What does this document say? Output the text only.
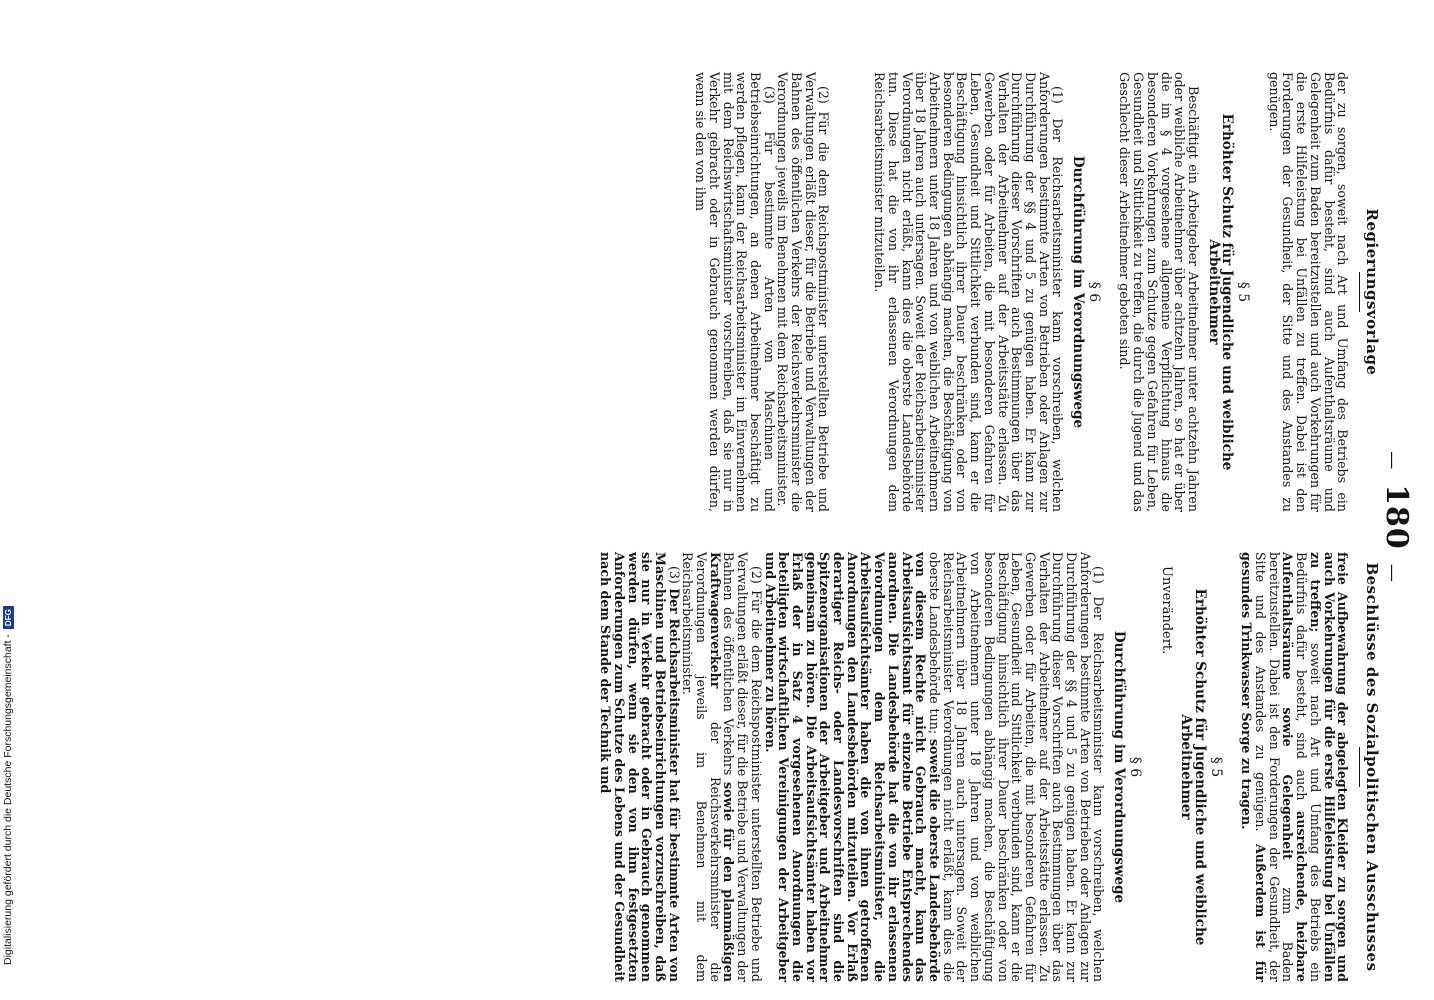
Digitalisierung gefördert durch die Deutsche Forschungsgemeinschaft -
DFG
—180—
Beschlüsse des Sozialpolitischen Ausschusses

freie Aufbewahrung der abgelegten Kleider zu sorgen und auch Vorkehrungen für die erste Hilfeleistung bei Unfällen zu treffen; soweit nach Art und Umfang des Betriebs ein Bedürfnis dafür besteht, sind auch ausreichende, heizbare Aufenthaltsräume sowie Gelegenheit zum Baden bereitzustellen. Dabei ist den Forderungen der Gesundheit, der Sitte und des Anstandes zu genügen. Außerdem ist für gesundes Trinkwasser Sorge zu tragen.

§ 5
Erhöhter Schutz für Jugendliche und weibliche Arbeitnehmer

Unverändert.

§ 6
Durchführung im Verordnungswege

(1) Der Reichsarbeitsminister kann vorschreiben, welchen Anforderungen bestimmte Arten von Betrieben oder Anlagen zur Durchführung der §§ 4 und 5 zu genügen haben. Er kann zur Durchführung dieser Vorschriften auch Bestimmungen über das Verhalten der Arbeitnehmer auf der Arbeitsstätte erlassen. Zu Gewerben oder für Arbeiten, die mit besonderen Gefahren für Leben, Gesundheit und Sittlichkeit verbunden sind, kann er die Beschäftigung hinsichtlich ihrer Dauer beschränken oder von besonderen Bedingungen abhängig machen, die Beschäftigung von Arbeitnehmern unter 18 Jahren und von weiblichen Arbeitnehmern über 18 Jahren auch untersagen. Soweit der Reichsarbeitsminister Verordnungen nicht erläßt, kann dies die oberste Landesbehörde tun; soweit die oberste Landesbehörde von diesem Rechte nicht Gebrauch macht, kann das Arbeitsaufsichtsamt für einzelne Betriebe Entsprechendes anordnen. Die Landesbehörde hat die von ihr erlassenen Verordnungen dem Reichsarbeitsminister, die Arbeitsaufsichtsämter haben die von ihnen getroffenen Anordnungen den Landesbehörden mitzuteilen. Vor Erlaß derartiger Reichs- oder Landesvorschriften sind die Spitzenorganisationen der Arbeitgeber und Arbeitnehmer gemeinsam zu hören. Die Arbeitsaufsichtsämter haben vor Erlaß der in Satz 4 vorgesehenen Anordnungen die beteiligten wirtschaftlichen Vereinigungen der Arbeitgeber und Arbeitnehmer zu hören.

(2) Für die dem Reichspostminister unterstellten Betriebe und Verwaltungen erläßt dieser, für die Betriebe und Verwaltungen der Bahnen des öffentlichen Verkehrs sowie für den planmäßigen Kraftwagenverkehr der Reichsverkehrsminister die Verordnungen jeweils im Benehmen mit dem Reichsarbeitsminister.

(3) Der Reichsarbeitsminister hat für bestimmte Arten von Maschinen und Betriebseinrichtungen vorzuschreiben, daß sie nur in Verkehr gebracht oder in Gebrauch genommen werden dürfen, wenn sie den von ihm festgesetzten Anforderungen zum Schutze des Lebens und der Gesundheit nach dem Stande der Technik und

Regierungsvorlage

der zu sorgen, soweit nach Art und Umfang des Betriebs ein Bedürfnis dafür besteht, sind auch Aufenthaltsräume und Gelegenheit zum Baden bereitzustellen und auch Vorkehrungen für die erste Hilfeleistung bei Unfällen zu treffen. Dabei ist den Forderungen der Gesundheit, der Sitte und des Anstandes zu genügen.

§ 5
Erhöhter Schutz für Jugendliche und weibliche Arbeitnehmer

Beschäftigt ein Arbeitgeber Arbeitnehmer unter achtzehn Jahren oder weibliche Arbeitnehmer über achtzehn Jahren, so hat er über die im § 4 vorgesehene allgemeine Verpflichtung hinaus die besonderen Vorkehrungen zum Schutze gegen Gefahren für Leben, Gesundheit und Sittlichkeit zu treffen, die durch die Jugend und das Geschlecht dieser Arbeitnehmer geboten sind.

§ 6
Durchführung im Verordnungswege

(1) Der Reichsarbeitsminister kann vorschreiben, welchen Anforderungen bestimmte Arten von Betrieben oder Anlagen zur Durchführung der §§ 4 und 5 zu genügen haben. Er kann zur Durchführung dieser Vorschriften auch Bestimmungen über das Verhalten der Arbeitnehmer auf der Arbeitsstätte erlassen. Zu Gewerben oder für Arbeiten, die mit besonderen Gefahren für Leben, Gesundheit und Sittlichkeit verbunden sind, kann er die Beschäftigung hinsichtlich ihrer Dauer beschränken oder von besonderen Bedingungen abhängig machen, die Beschäftigung von Arbeitnehmern unter 18 Jahren und von weiblichen Arbeitnehmern über 18 Jahren auch untersagen. Soweit der Reichsarbeitsminister Verordnungen nicht erläßt, kann dies die oberste Landesbehörde tun. Diese hat die von ihr erlassenen Verordnungen dem Reichsarbeitsminister mitzuteilen.

(2) Für die dem Reichspostminister unterstellten Betriebe und Verwaltungen erläßt dieser, für die Betriebe und Verwaltungen der Bahnen des öffentlichen Verkehrs der Reichsverkehrsminister die Verordnungen jeweils im Benehmen mit dem Reichsarbeitsminister.

(3) Für bestimmte Arten von Maschinen und Betriebseinrichtungen, an denen Arbeitnehmer beschäftigt zu werden pflegen, kann der Reichsarbeitsminister im Einvernehmen mit dem Reichswirtschaftsminister vorschreiben, daß sie nur in Verkehr gebracht oder in Gebrauch genommen werden dürfen, wenn sie den von ihm
